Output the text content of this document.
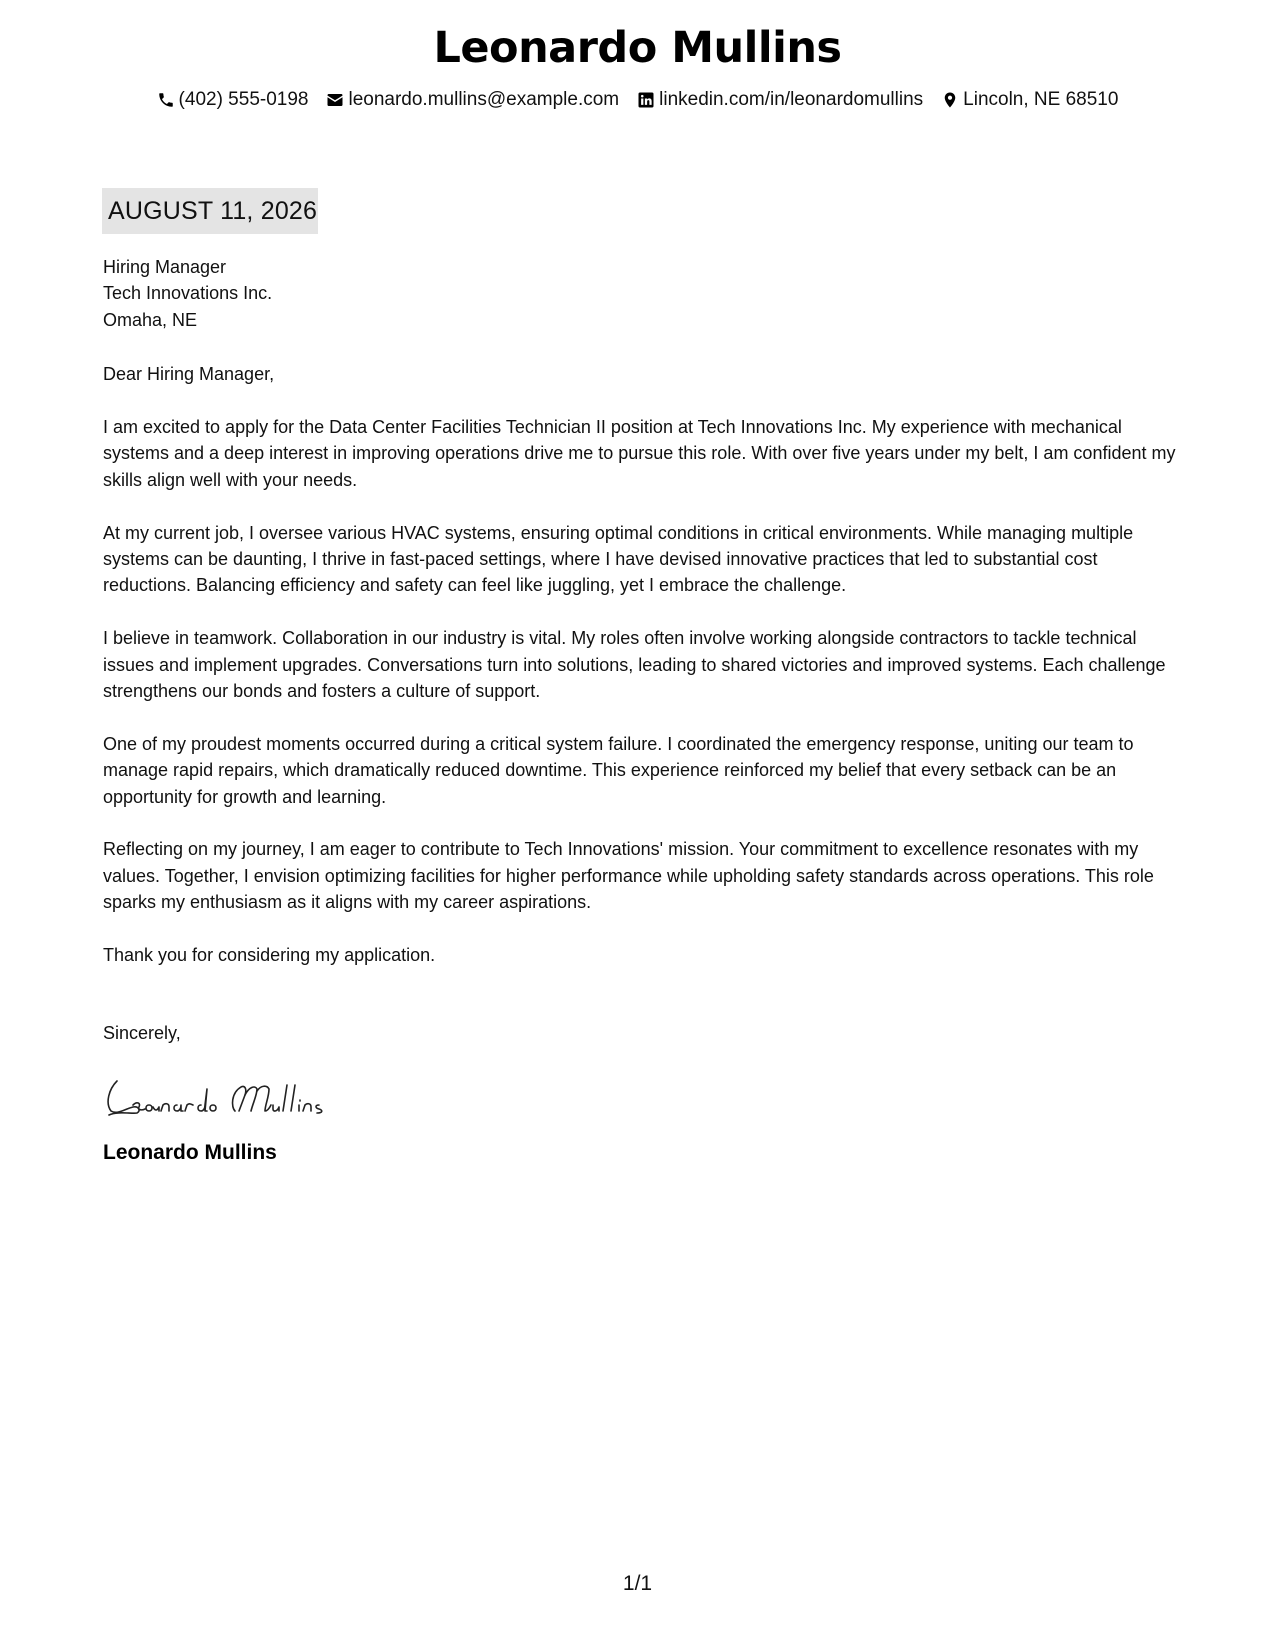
Leonardo Mullins
(402) 555-0198 leonardo.mullins@example.com linkedin.com/in/leonardomullins Lincoln, NE 68510
AUGUST 11, 2026
Hiring Manager
Tech Innovations Inc.
Omaha, NE
Dear Hiring Manager,

I am excited to apply for the Data Center Facilities Technician II position at Tech Innovations Inc. My experience with mechanical systems and a deep interest in improving operations drive me to pursue this role. With over five years under my belt, I am confident my skills align well with your needs.

At my current job, I oversee various HVAC systems, ensuring optimal conditions in critical environments. While managing multiple systems can be daunting, I thrive in fast-paced settings, where I have devised innovative practices that led to substantial cost reductions. Balancing efficiency and safety can feel like juggling, yet I embrace the challenge.

I believe in teamwork. Collaboration in our industry is vital. My roles often involve working alongside contractors to tackle technical issues and implement upgrades. Conversations turn into solutions, leading to shared victories and improved systems. Each challenge strengthens our bonds and fosters a culture of support.

One of my proudest moments occurred during a critical system failure. I coordinated the emergency response, uniting our team to manage rapid repairs, which dramatically reduced downtime. This experience reinforced my belief that every setback can be an opportunity for growth and learning.

Reflecting on my journey, I am eager to contribute to Tech Innovations' mission. Your commitment to excellence resonates with my values. Together, I envision optimizing facilities for higher performance while upholding safety standards across operations. This role sparks my enthusiasm as it aligns with my career aspirations.

Thank you for considering my application.
Sincerely,
Leonardo Mullins
1/1
